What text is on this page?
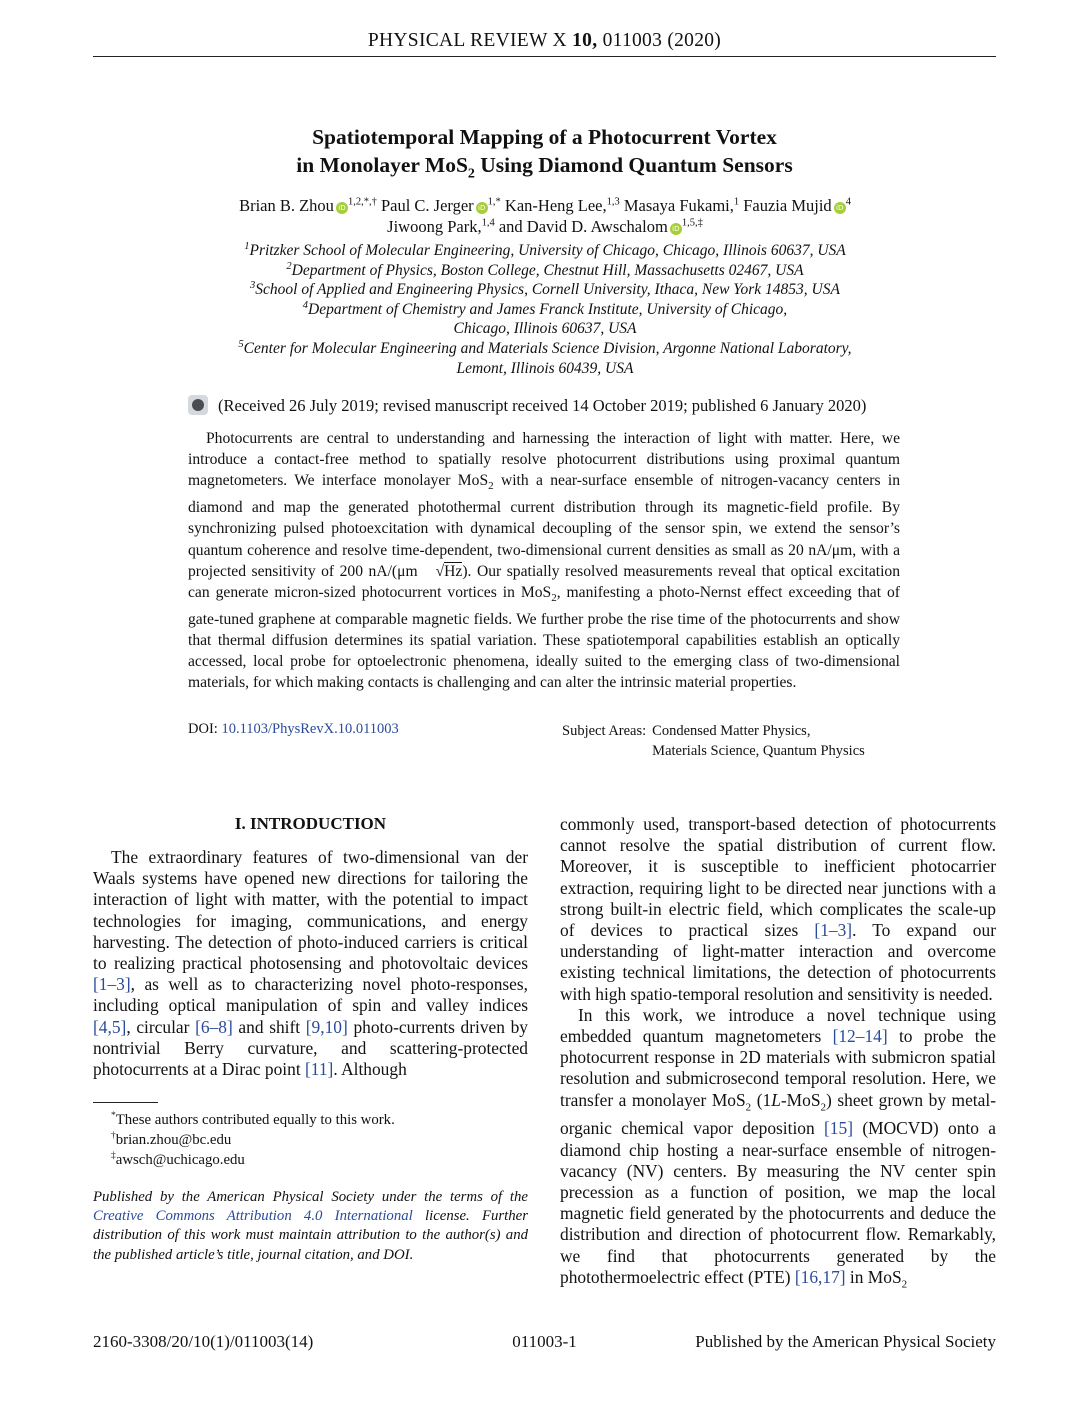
PHYSICAL REVIEW X 10, 011003 (2020)
Spatiotemporal Mapping of a Photocurrent Vortex
in Monolayer MoS$_2$ Using Diamond Quantum Sensors
Brian B. Zhou $iD^{1,2,*,\dagger}$ Paul C. Jerger $iD^{1,*}$ Kan-Heng Lee,$^{1,3}$ Masaya Fukami,$^1$ Fauzia Mujid $iD^4$
Jiwoong Park,$^{1,4}$ and David D. Awschalom $iD^{1,5,\ddagger}$
$^1$Pritzker School of Molecular Engineering, University of Chicago, Chicago, Illinois 60637, USA
$^2$Department of Physics, Boston College, Chestnut Hill, Massachusetts 02467, USA
$^3$School of Applied and Engineering Physics, Cornell University, Ithaca, New York 14853, USA
$^4$Department of Chemistry and James Franck Institute, University of Chicago,
Chicago, Illinois 60637, USA
$^5$Center for Molecular Engineering and Materials Science Division, Argonne National Laboratory,
Lemont, Illinois 60439, USA
(Received 26 July 2019; revised manuscript received 14 October 2019; published 6 January 2020)
Photocurrents are central to understanding and harnessing the interaction of light with matter. Here, we introduce a contact-free method to spatially resolve photocurrent distributions using proximal quantum magnetometers. We interface monolayer MoS$_2$ with a near-surface ensemble of nitrogen-vacancy centers in diamond and map the generated photothermal current distribution through its magnetic-field profile. By synchronizing pulsed photoexcitation with dynamical decoupling of the sensor spin, we extend the sensor’s quantum coherence and resolve time-dependent, two-dimensional current densities as small as 20 nA/μm, with a projected sensitivity of 200 nA/(μm √Hz). Our spatially resolved measurements reveal that optical excitation can generate micron-sized photocurrent vortices in MoS$_2$, manifesting a photo-Nernst effect exceeding that of gate-tuned graphene at comparable magnetic fields. We further probe the rise time of the photocurrents and show that thermal diffusion determines its spatial variation. These spatiotemporal capabilities establish an optically accessed, local probe for optoelectronic phenomena, ideally suited to the emerging class of two-dimensional materials, for which making contacts is challenging and can alter the intrinsic material properties.
DOI: 10.1103/PhysRevX.10.011003	Subject Areas:	Condensed Matter Physics,
	Materials Science, Quantum Physics
I. INTRODUCTION
The extraordinary features of two-dimensional van der Waals systems have opened new directions for tailoring the interaction of light with matter, with the potential to impact technologies for imaging, communications, and energy harvesting. The detection of photo-induced carriers is critical to realizing practical photosensing and photovoltaic devices [1–3], as well as to characterizing novel photo-responses, including optical manipulation of spin and valley indices [4,5], circular [6–8] and shift [9,10] photo-currents driven by nontrivial Berry curvature, and scattering-protected photocurrents at a Dirac point [11]. Although
*These authors contributed equally to this work.
†brian.zhou@bc.edu
‡awsch@uchicago.edu
Published by the American Physical Society under the terms of the Creative Commons Attribution 4.0 International license. Further distribution of this work must maintain attribution to the author(s) and the published article’s title, journal citation, and DOI.

commonly used, transport-based detection of photocurrents cannot resolve the spatial distribution of current flow. Moreover, it is susceptible to inefficient photocarrier extraction, requiring light to be directed near junctions with a strong built-in electric field, which complicates the scale-up of devices to practical sizes [1–3]. To expand our understanding of light-matter interaction and overcome existing technical limitations, the detection of photocurrents with high spatio-temporal resolution and sensitivity is needed.

In this work, we introduce a novel technique using embedded quantum magnetometers [12–14] to probe the photocurrent response in 2D materials with submicron spatial resolution and submicrosecond temporal resolution. Here, we transfer a monolayer MoS$_2$ (1L-MoS$_2$) sheet grown by metal-organic chemical vapor deposition [15] (MOCVD) onto a diamond chip hosting a near-surface ensemble of nitrogen-vacancy (NV) centers. By measuring the NV center spin precession as a function of position, we map the local magnetic field generated by the photocurrents and deduce the distribution and direction of photocurrent flow. Remarkably, we find that photocurrents generated by the photothermoelectric effect (PTE) [16,17] in MoS$_2$

2160-3308/20/10(1)/011003(14)	011003-1	Published by the American Physical Society
